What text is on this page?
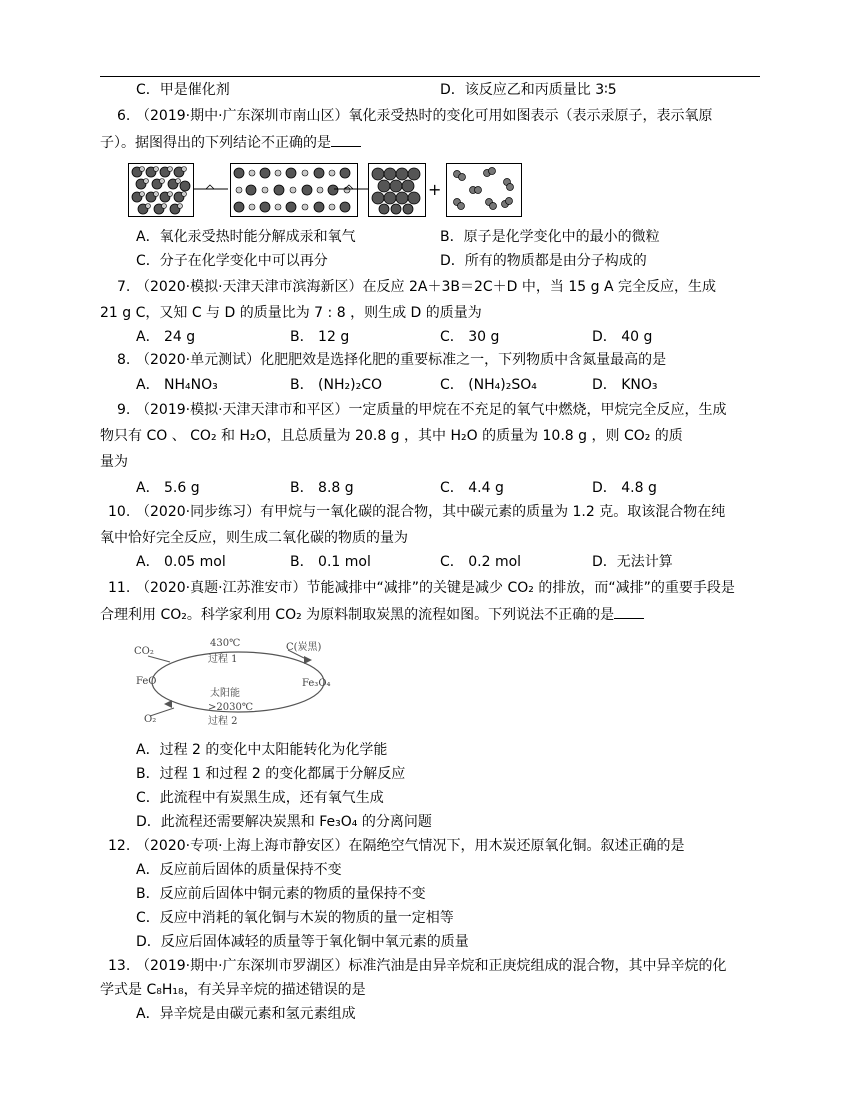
C．甲是催化剂	D．该反应乙和丙质量比 3∶5
6. （2019·期中·广东深圳市南山区）氧化汞受热时的变化可用如图表示（表示汞原子，表示氧原
子）。据图得出的下列结论不正确的是
+
A．氧化汞受热时能分解成汞和氧气	B．原子是化学变化中的最小的微粒
C．分子在化学变化中可以再分	D．所有的物质都是由分子构成的
7. （2020·模拟·天津天津市滨海新区）在反应 2A＋3B＝2C＋D 中，当 15 g A 完全反应，生成
21 g C，又知 C 与 D 的质量比为 7 : 8 ，则生成 D 的质量为
A． 24 g	B． 12 g	C． 30 g	D． 40 g
8. （2020·单元测试）化肥肥效是选择化肥的重要标准之一，下列物质中含氮量最高的是
A． NH₄NO₃	B． (NH₂)₂CO	C． (NH₄)₂SO₄	D． KNO₃
9. （2019·模拟·天津天津市和平区）一定质量的甲烷在不充足的氧气中燃烧，甲烷完全反应，生成
物只有 CO 、 CO₂ 和 H₂O，且总质量为 20.8 g ，其中 H₂O 的质量为 10.8 g ，则 CO₂ 的质
量为
A． 5.6 g	B． 8.8 g	C． 4.4 g	D． 4.8 g
10. （2020·同步练习）有甲烷与一氧化碳的混合物，其中碳元素的质量为 1.2 克。取该混合物在纯
氧中恰好完全反应，则生成二氧化碳的物质的量为
A． 0.05 mol	B． 0.1 mol	C． 0.2 mol	D．无法计算
11. （2020·真题·江苏淮安市）节能减排中“减排”的关键是减少 CO₂ 的排放，而“减排”的重要手段是
合理利用 CO₂。科学家利用 CO₂ 为原料制取炭黑的流程如图。下列说法不正确的是
CO₂
430℃
过程 1
C(炭黑)
FeO	Fe₃O₄
太阳能
>2030℃
O₂	过程 2
A．过程 2 的变化中太阳能转化为化学能
B．过程 1 和过程 2 的变化都属于分解反应
C．此流程中有炭黑生成，还有氧气生成
D．此流程还需要解决炭黑和 Fe₃O₄ 的分离问题
12. （2020·专项·上海上海市静安区）在隔绝空气情况下，用木炭还原氧化铜。叙述正确的是
A．反应前后固体的质量保持不变
B．反应前后固体中铜元素的物质的量保持不变
C．反应中消耗的氧化铜与木炭的物质的量一定相等
D．反应后固体减轻的质量等于氧化铜中氧元素的质量
13. （2019·期中·广东深圳市罗湖区）标准汽油是由异辛烷和正庚烷组成的混合物，其中异辛烷的化
学式是 C₈H₁₈，有关异辛烷的描述错误的是
A．异辛烷是由碳元素和氢元素组成
